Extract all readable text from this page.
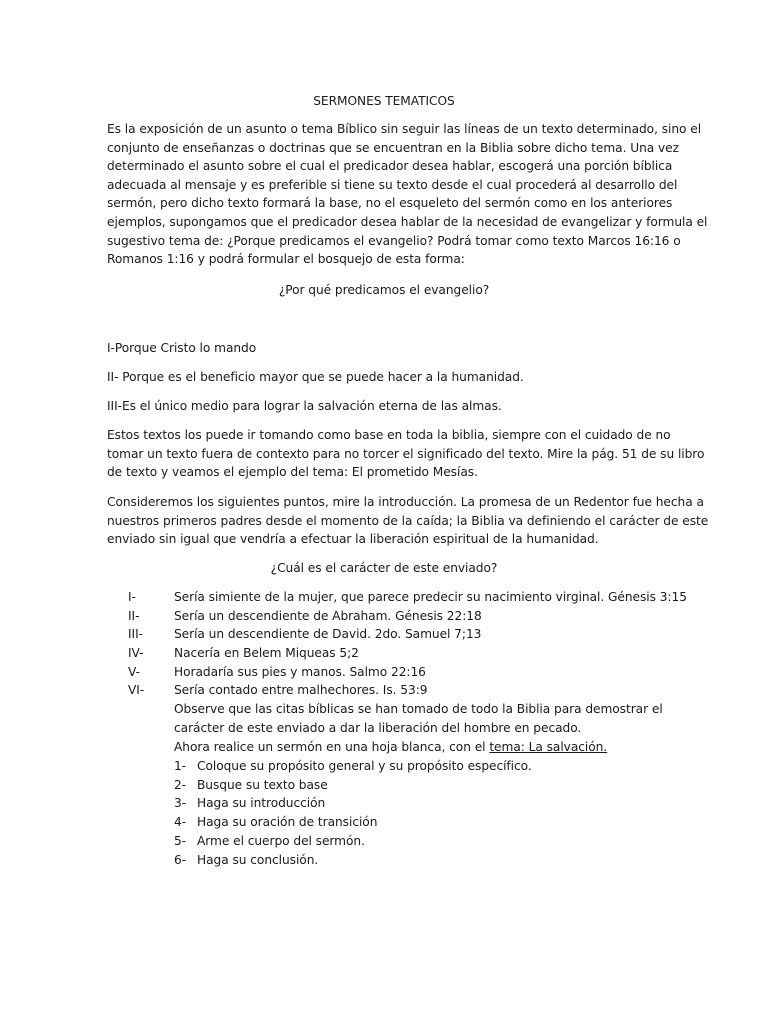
SERMONES TEMATICOS
Es la exposición de un asunto o tema Bíblico sin seguir las líneas de un texto determinado, sino el
conjunto de enseñanzas o doctrinas que se encuentran en la Biblia sobre dicho tema. Una vez
determinado el asunto sobre el cual el predicador desea hablar, escogerá una porción bíblica
adecuada al mensaje y es preferible si tiene su texto desde el cual procederá al desarrollo del
sermón, pero dicho texto formará la base, no el esqueleto del sermón como en los anteriores
ejemplos, supongamos que el predicador desea hablar de la necesidad de evangelizar y formula el
sugestivo tema de: ¿Porque predicamos el evangelio? Podrá tomar como texto Marcos 16:16 o
Romanos 1:16 y podrá formular el bosquejo de esta forma:
¿Por qué predicamos el evangelio?
I-Porque Cristo lo mando
II- Porque es el beneficio mayor que se puede hacer a la humanidad.
III-Es el único medio para lograr la salvación eterna de las almas.
Estos textos los puede ir tomando como base en toda la biblia, siempre con el cuidado de no
tomar un texto fuera de contexto para no torcer el significado del texto. Mire la pág. 51 de su libro
de texto y veamos el ejemplo del tema: El prometido Mesías.
Consideremos los siguientes puntos, mire la introducción. La promesa de un Redentor fue hecha a
nuestros primeros padres desde el momento de la caída; la Biblia va definiendo el carácter de este
enviado sin igual que vendría a efectuar la liberación espiritual de la humanidad.
¿Cuál es el carácter de este enviado?
I-	Sería simiente de la mujer, que parece predecir su nacimiento virginal. Génesis 3:15
II-	Sería un descendiente de Abraham. Génesis 22:18
III-	Sería un descendiente de David. 2do. Samuel 7;13
IV-	Nacería en Belem Miqueas 5;2
V-	Horadaría sus pies y manos. Salmo 22:16
VI- Sería contado entre malhechores. Is. 53:9
Observe que las citas bíblicas se han tomado de todo la Biblia para demostrar el
carácter de este enviado a dar la liberación del hombre en pecado.
Ahora realice un sermón en una hoja blanca, con el tema: La salvación.
1- Coloque su propósito general y su propósito específico.
2- Busque su texto base
3- Haga su introducción
4- Haga su oración de transición
5- Arme el cuerpo del sermón.
6- Haga su conclusión.
